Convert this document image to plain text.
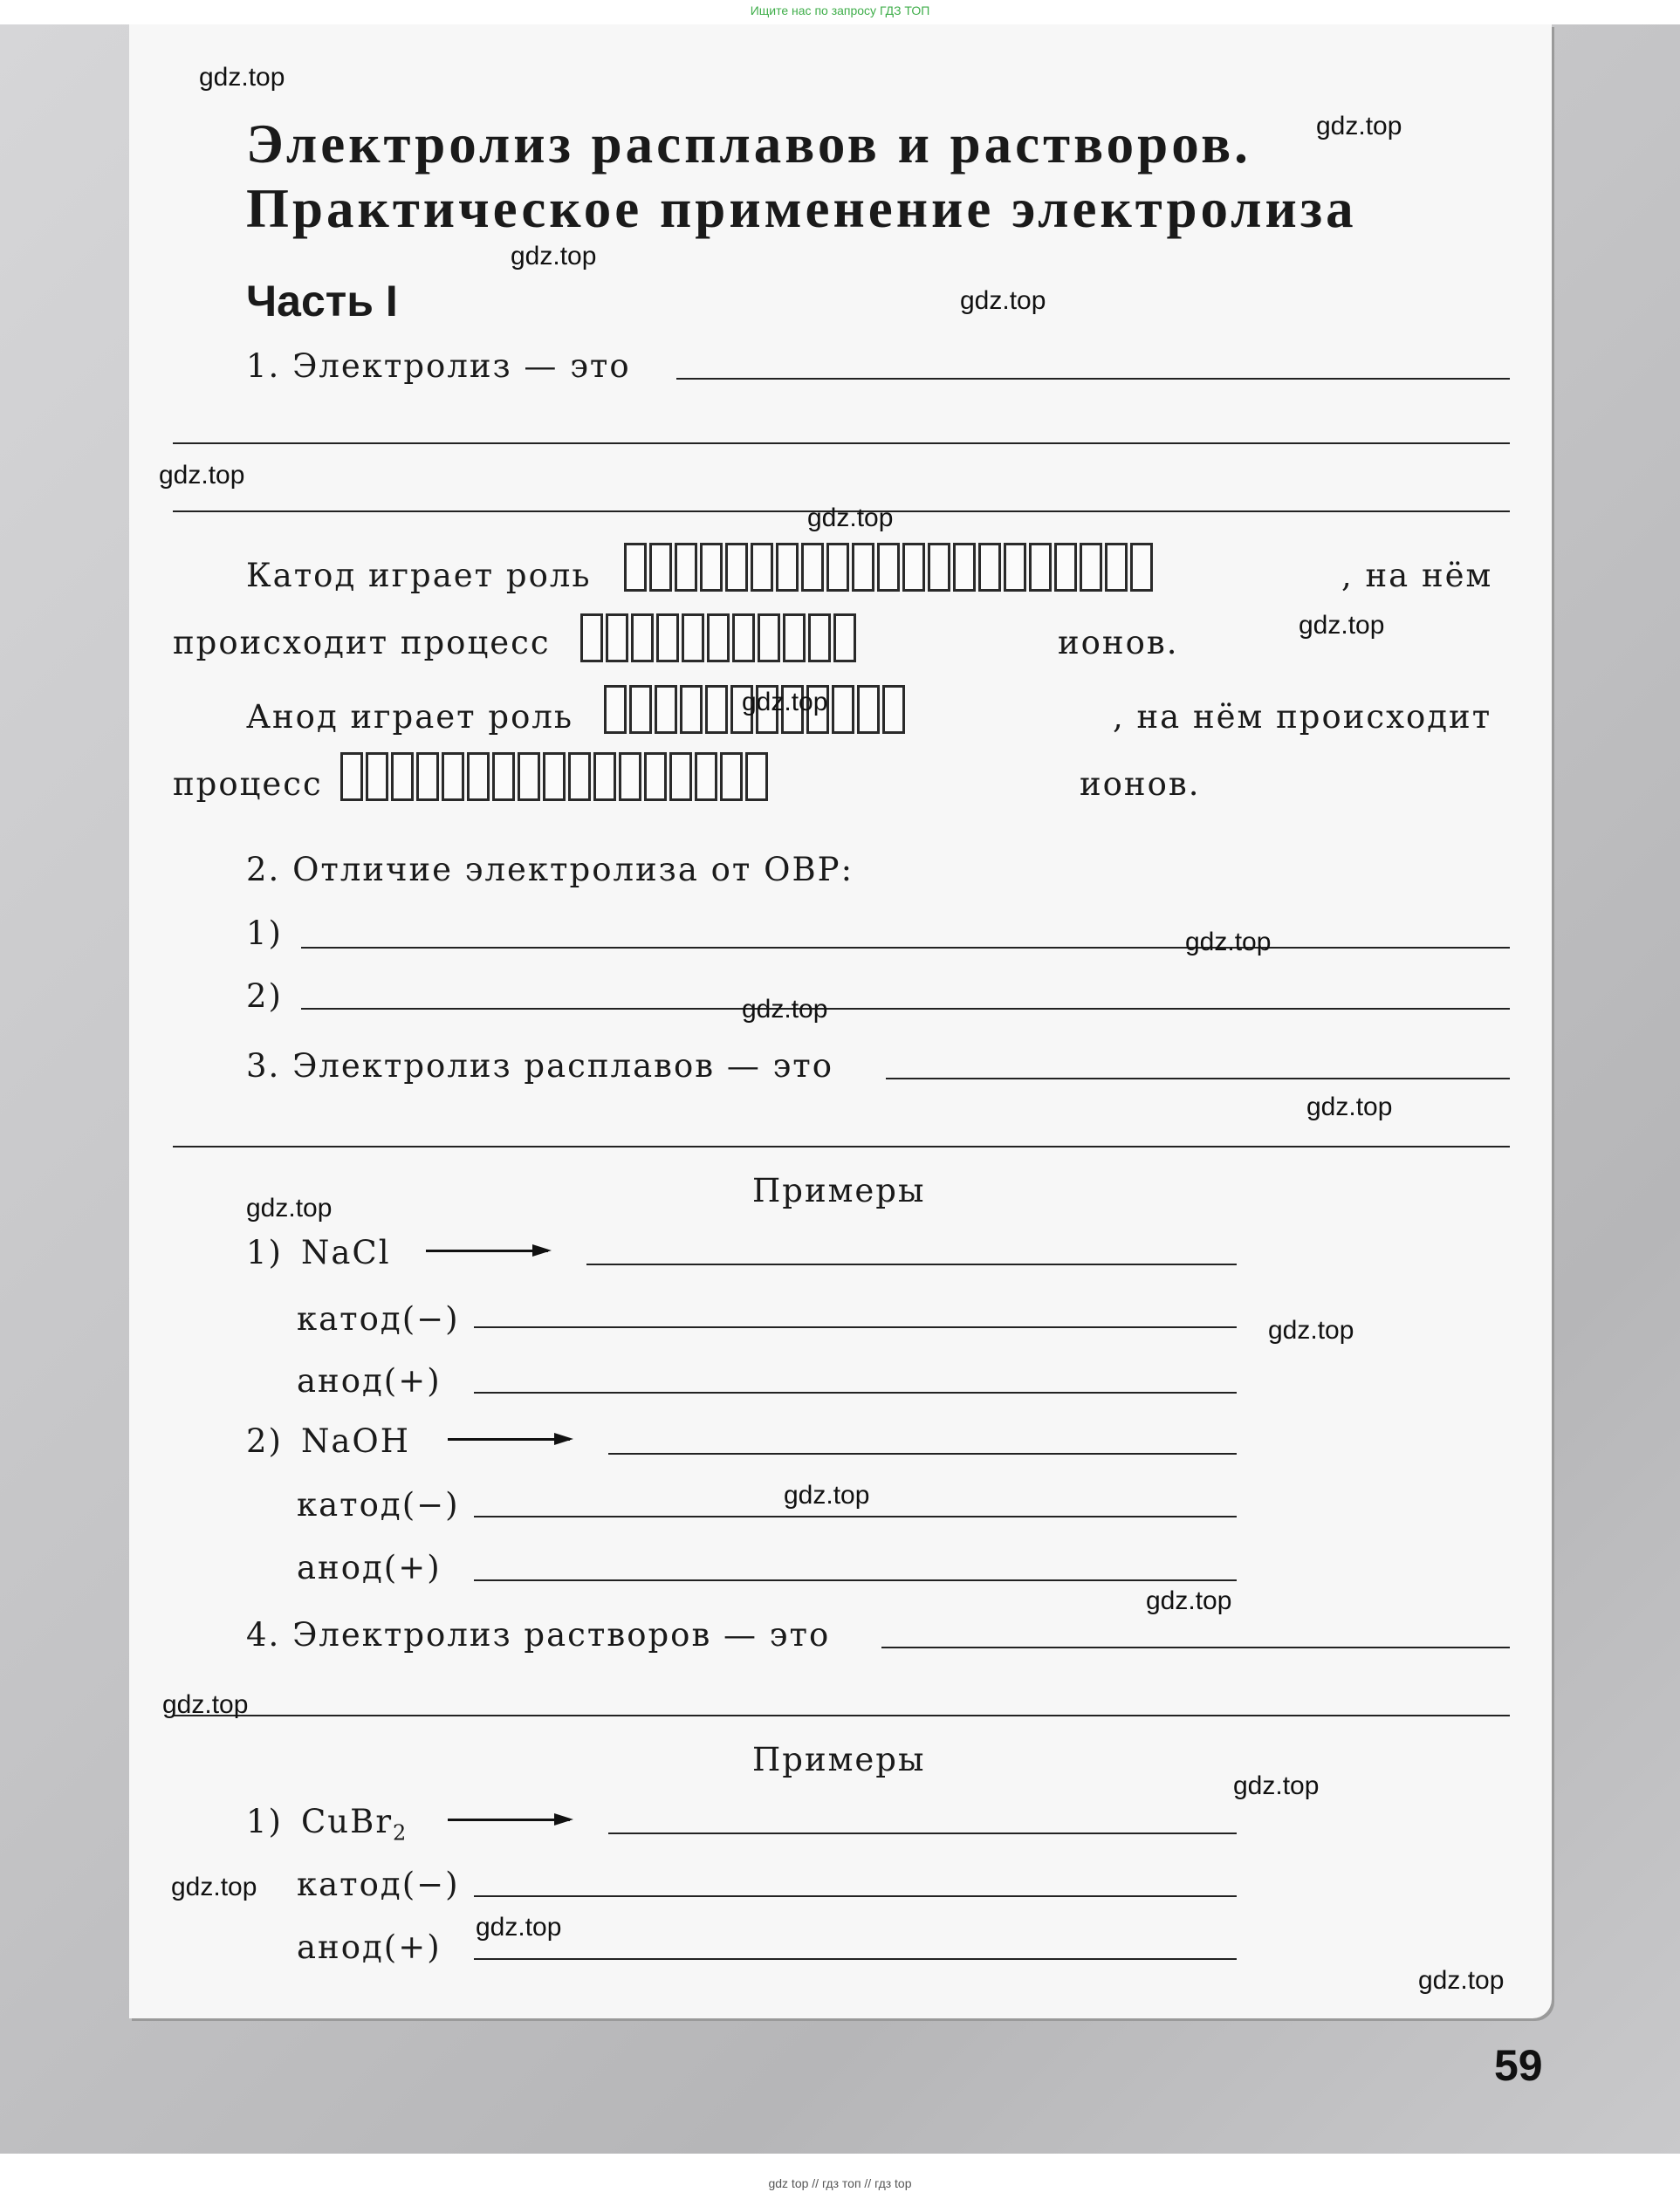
Ищите нас по запросу ГДЗ ТОП
Электролиз расплавов и растворов.
Практическое применение электролиза
Часть I
1. Электролиз — это
Катод играет роль	, на нём
происходит процесс	ионов.
Анод играет роль	, на нём происходит
процесс	ионов.
2. Отличие электролиза от ОВР:
1)
2)
3. Электролиз расплавов — это
Примеры
1) NaCl
катод(−)
анод(+)
2) NaOH
катод(−)
анод(+)
4. Электролиз растворов — это
Примеры
1) CuBr$_2$
катод(−)
анод(+)
59
gdz.top
gdz.top
gdz.top
gdz.top
gdz.top
gdz.top
gdz.top
gdz.top
gdz.top
gdz.top
gdz.top
gdz.top
gdz.top
gdz.top
gdz.top
gdz.top
gdz.top
gdz.top
gdz.top
gdz.top
gdz top // гдз топ // гдз top
